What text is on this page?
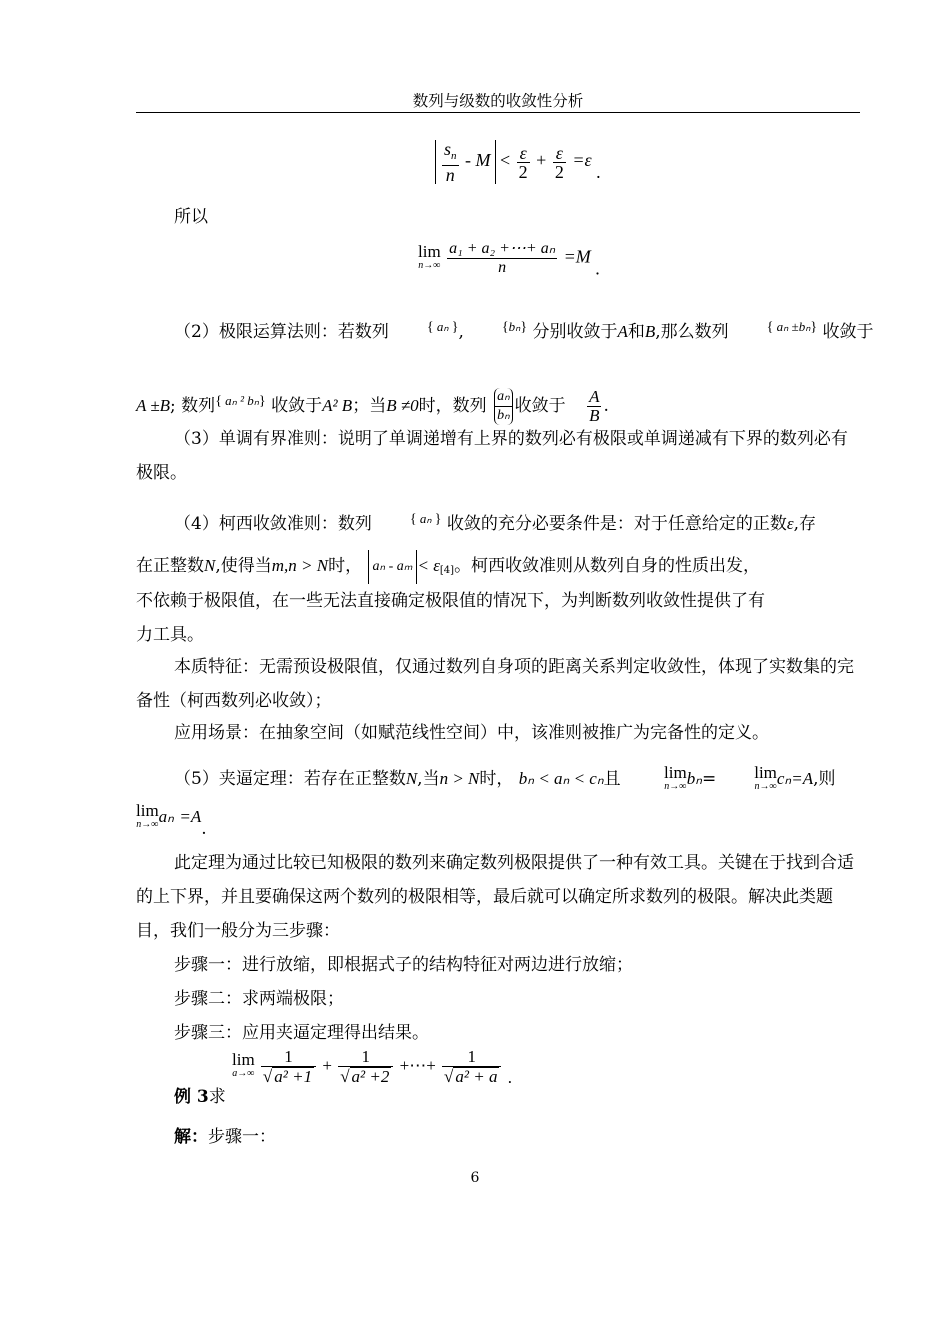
数列与级数的收敛性分析
$\frac{s_n}{n} - M < \frac{\varepsilon}{2} + \frac{\varepsilon}{2} =\varepsilon$ .
所以
lim
n→∞
$\frac{\text{a₁ + a₂ +⋯+ aₙ}}{n} =M$ .
（2）极限运算法则：若数列	{ aₙ },	{bₙ} 分别收敛于A和B,那么数列	{ aₙ ±bₙ} 收敛于
A ±B; 数列{ aₙ ² bₙ} 收敛于A² B；当B ≠0时，数列 $\frac{\text{aₙ}}{\text{bₙ}}$ 收敛于 $\frac{A}{B}$ .
（3）单调有界准则：说明了单调递增有上界的数列必有极限或单调递减有下界的数列必有极限。
（4）柯西收敛准则：数列	{ aₙ } 收敛的充分必要条件是：对于任意给定的正数ε,存
在正整数N,使得当m,n > N时， aₙ - aₘ < ε[4]。柯西收敛准则从数列自身的性质出发，
不依赖于极限值，在一些无法直接确定极限值的情况下，为判断数列收敛性提供了有
力工具。
本质特征：无需预设极限值，仅通过数列自身项的距离关系判定收敛性，体现了实数集的完备性（柯西数列必收敛）；
应用场景：在抽象空间（如赋范线性空间）中，该准则被推广为完备性的定义。
（5）夹逼定理：若存在正整数N,当n > N时， bₙ < aₙ < cₙ且	lim
n→∞ bₙ=	lim
n→∞ cₙ=A,则
lim
n→∞ aₙ =A.
此定理为通过比较已知极限的数列来确定数列极限提供了一种有效工具。关键在于找到合适的上下界，并且要确保这两个数列的极限相等，最后就可以确定所求数列的极限。解决此类题目，我们一般分为三步骤：
步骤一：进行放缩，即根据式子的结构特征对两边进行放缩；
步骤二：求两端极限；
步骤三：应用夹逼定理得出结果。
例 3求
lim
a→∞
$\frac{1}{\text{√ a² +1}} + \frac{1}{\text{√ a² +2}}$ +⋯+ $\frac{1}{\text{√ a² + a}}$ .
解：步骤一：
6
